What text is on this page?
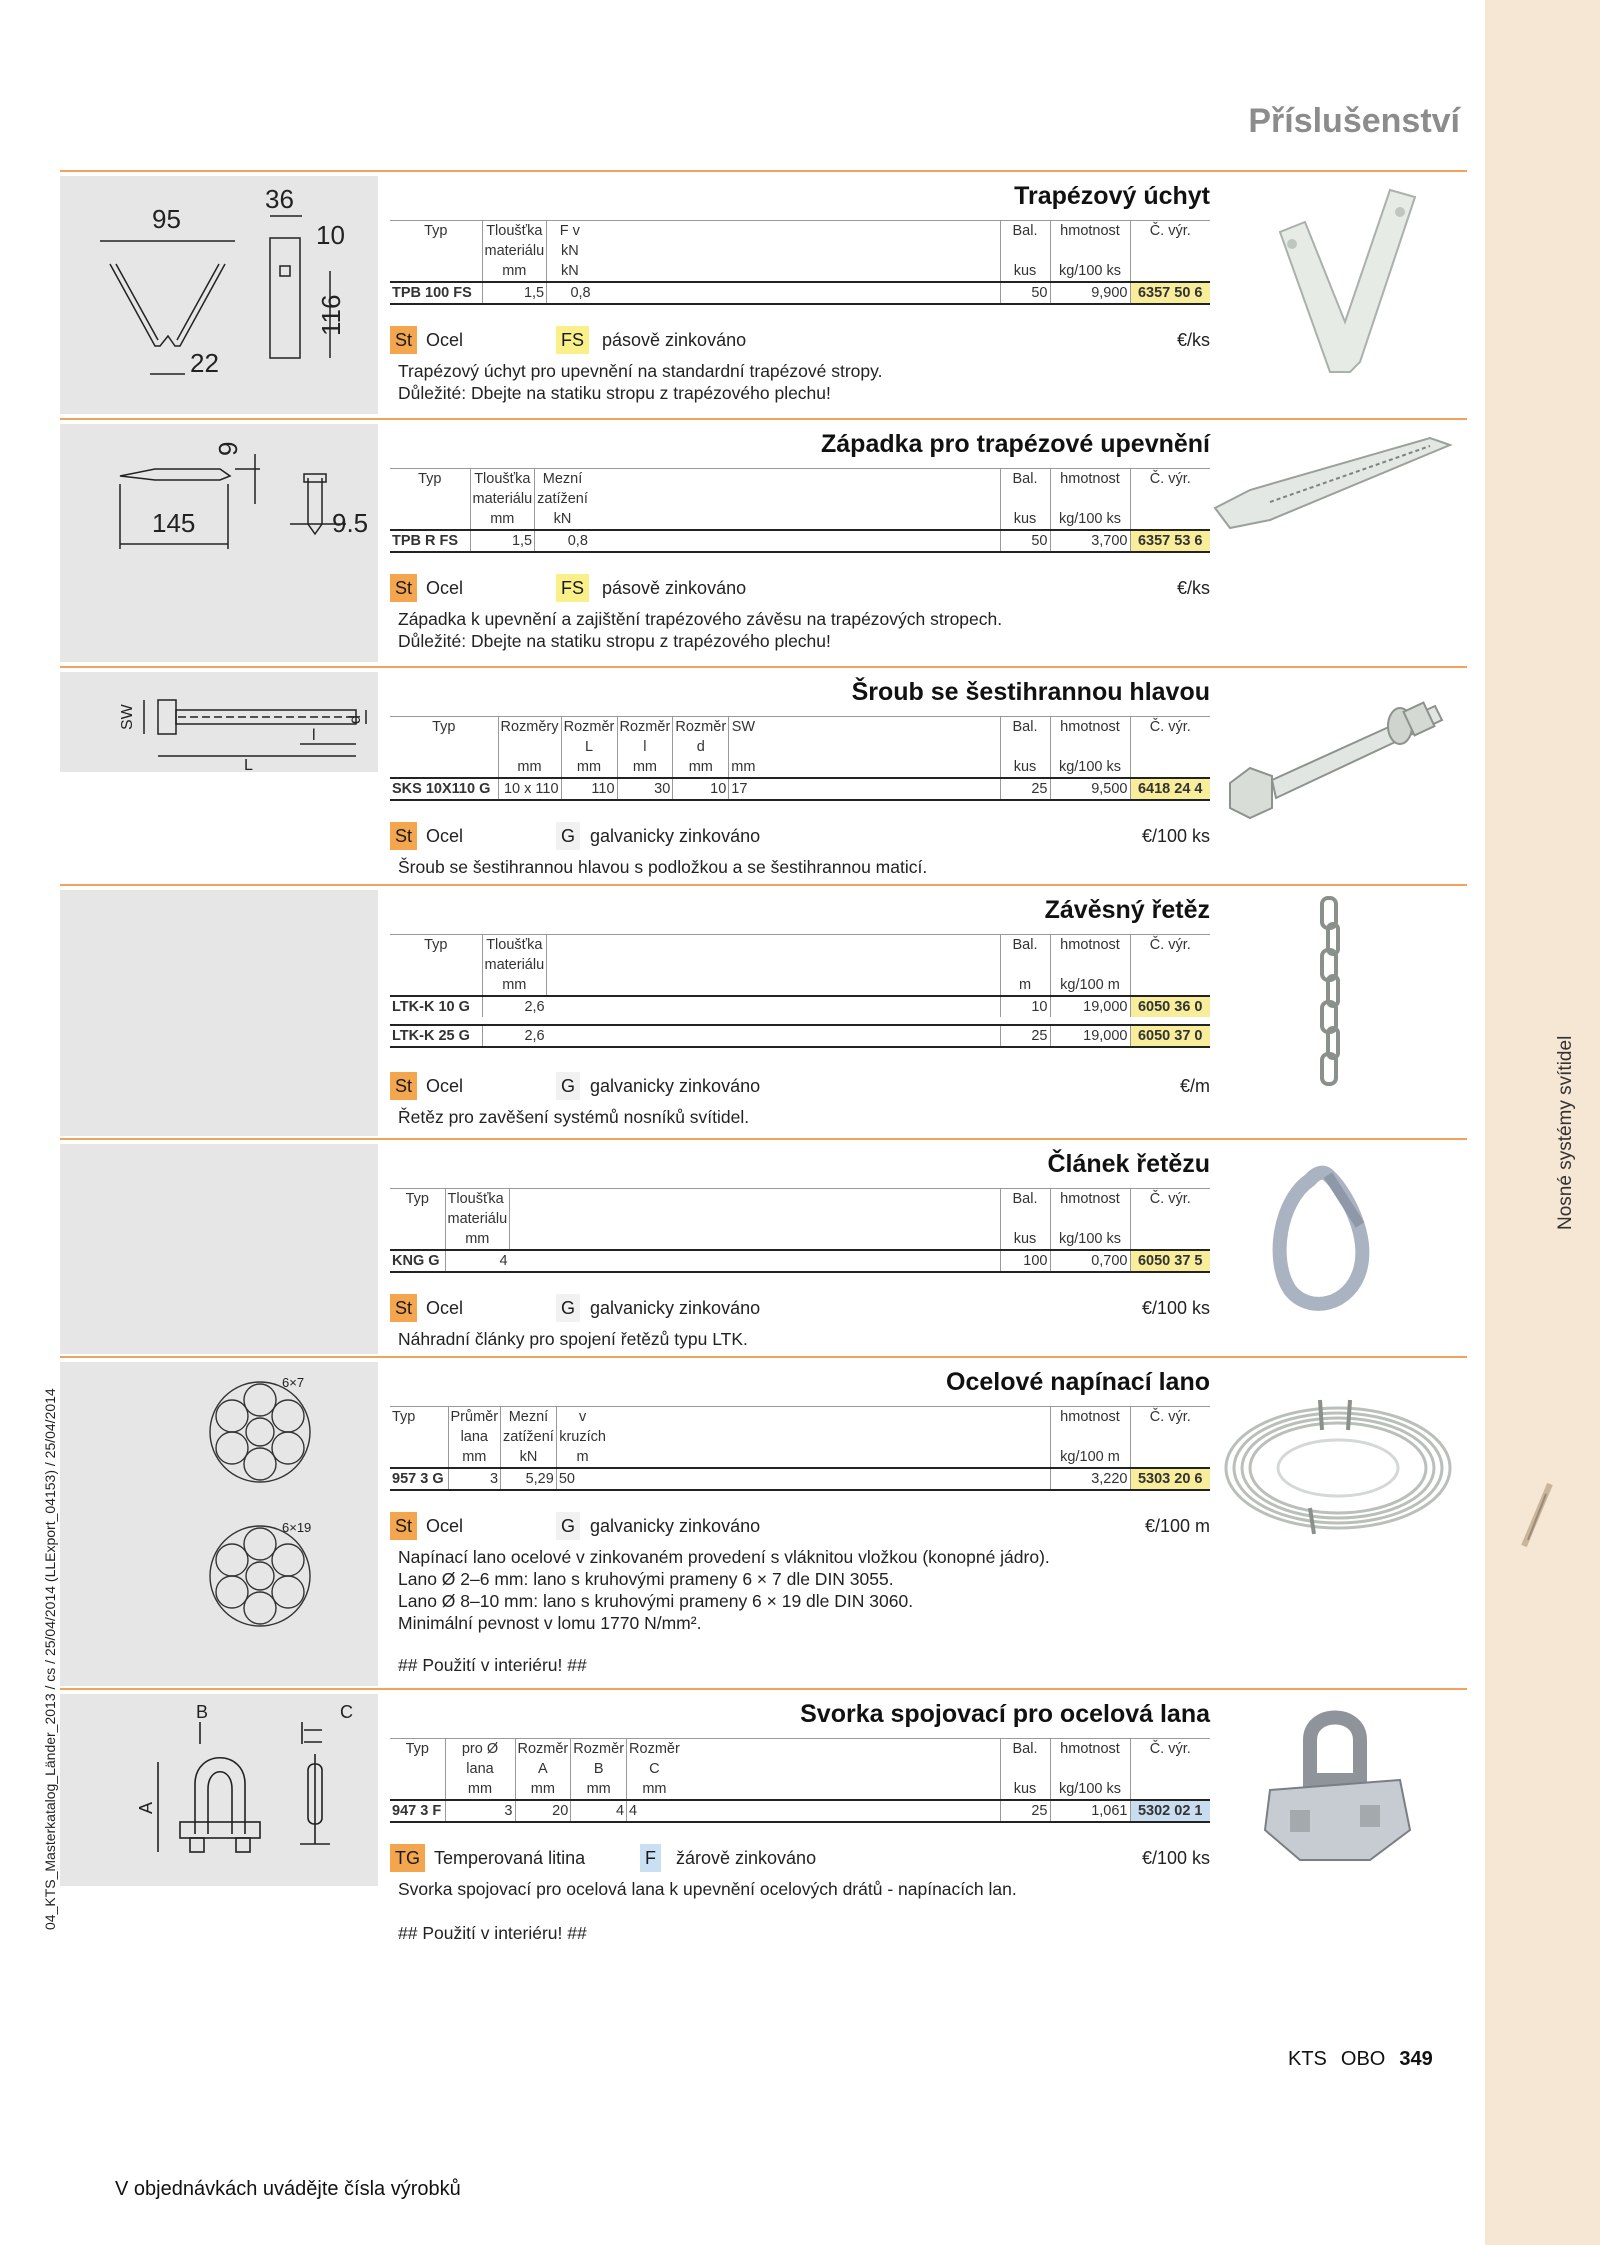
Nosné systémy svítidel
04_KTS_Masterkatalog_Länder_2013 / cs / 25/04/2014 (LLExport_04153) / 25/04/2014
Příslušenství
95
36
10
116
22
Trapézový úchyt
Typ	Tloušťka materiálu	F v kN		Bal.	hmotnost	Č. výr.
	mm	kN		kus	kg/100 ks	
TPB 100 FS	1,5	0,8		50	9,900	6357 50 6
St Ocel	FS pásově zinkováno	€/ks
Trapézový úchyt pro upevnění na standardní trapézové stropy.
Důležité: Dbejte na statiku stropu z trapézového plechu!
9
145	9.5
Západka pro trapézové upevnění
Typ	Tloušťka materiálu	Mezní zatížení		Bal.	hmotnost	Č. výr.
	mm	kN		kus	kg/100 ks	
TPB R FS	1,5	0,8		50	3,700	6357 53 6
St Ocel	FS pásově zinkováno	€/ks
Západka k upevnění a zajištění trapézového závěsu na trapézových stropech.
Důležité: Dbejte na statiku stropu z trapézového plechu!
SW	d
l
L
Šroub se šestihrannou hlavou
Typ	Rozměry	Rozměr L	Rozměr l	Rozměr d	SW		Bal.	hmotnost	Č. výr.
	mm	mm	mm	mm	mm		kus	kg/100 ks	
SKS 10X110 G	10 x 110	110	30	10	17		25	9,500	6418 24 4
St Ocel	G galvanicky zinkováno	€/100 ks
Šroub se šestihrannou hlavou s podložkou a se šestihrannou maticí.
Závěsný řetěz
Typ	Tloušťka materiálu		Bal.	hmotnost	Č. výr.
	mm		m	kg/100 m	
LTK-K 10 G	2,6		10	19,000	6050 36 0

LTK-K 25 G	2,6		25	19,000	6050 37 0
St Ocel	G galvanicky zinkováno	€/m
Řetěz pro zavěšení systémů nosníků svítidel.
Článek řetězu
Typ	Tloušťka materiálu		Bal.	hmotnost	Č. výr.
	mm		kus	kg/100 ks	
KNG G	4		100	0,700	6050 37 5
St Ocel	G galvanicky zinkováno	€/100 ks
Náhradní články pro spojení řetězů typu LTK.
6×7
6×19
Ocelové napínací lano
Typ	Průměr lana	Mezní zatížení	v kruzích		hmotnost	Č. výr.
	mm	kN	m		kg/100 m	
957 3 G	3	5,29	50		3,220	5303 20 6
St Ocel	G galvanicky zinkováno	€/100 m
Napínací lano ocelové v zinkovaném provedení s vláknitou vložkou (konopné jádro).
Lano Ø 2–6 mm: lano s kruhovými prameny 6 × 7 dle DIN 3055.
Lano Ø 8–10 mm: lano s kruhovými prameny 6 × 19 dle DIN 3060.
Minimální pevnost v lomu 1770 N/mm².
## Použití v interiéru! ##
B	C
A
Svorka spojovací pro ocelová lana
Typ	pro Ø lana	Rozměr A	Rozměr B	Rozměr C		Bal.	hmotnost	Č. výr.
	mm	mm	mm	mm		kus	kg/100 ks	
947 3 F	3	20	4	4		25	1,061	5302 02 1
TG Temperovaná litina	F žárově zinkováno	€/100 ks
Svorka spojovací pro ocelová lana k upevnění ocelových drátů - napínacích lan.
## Použití v interiéru! ##
V objednávkách uvádějte čísla výrobků
KTS OBO 349
